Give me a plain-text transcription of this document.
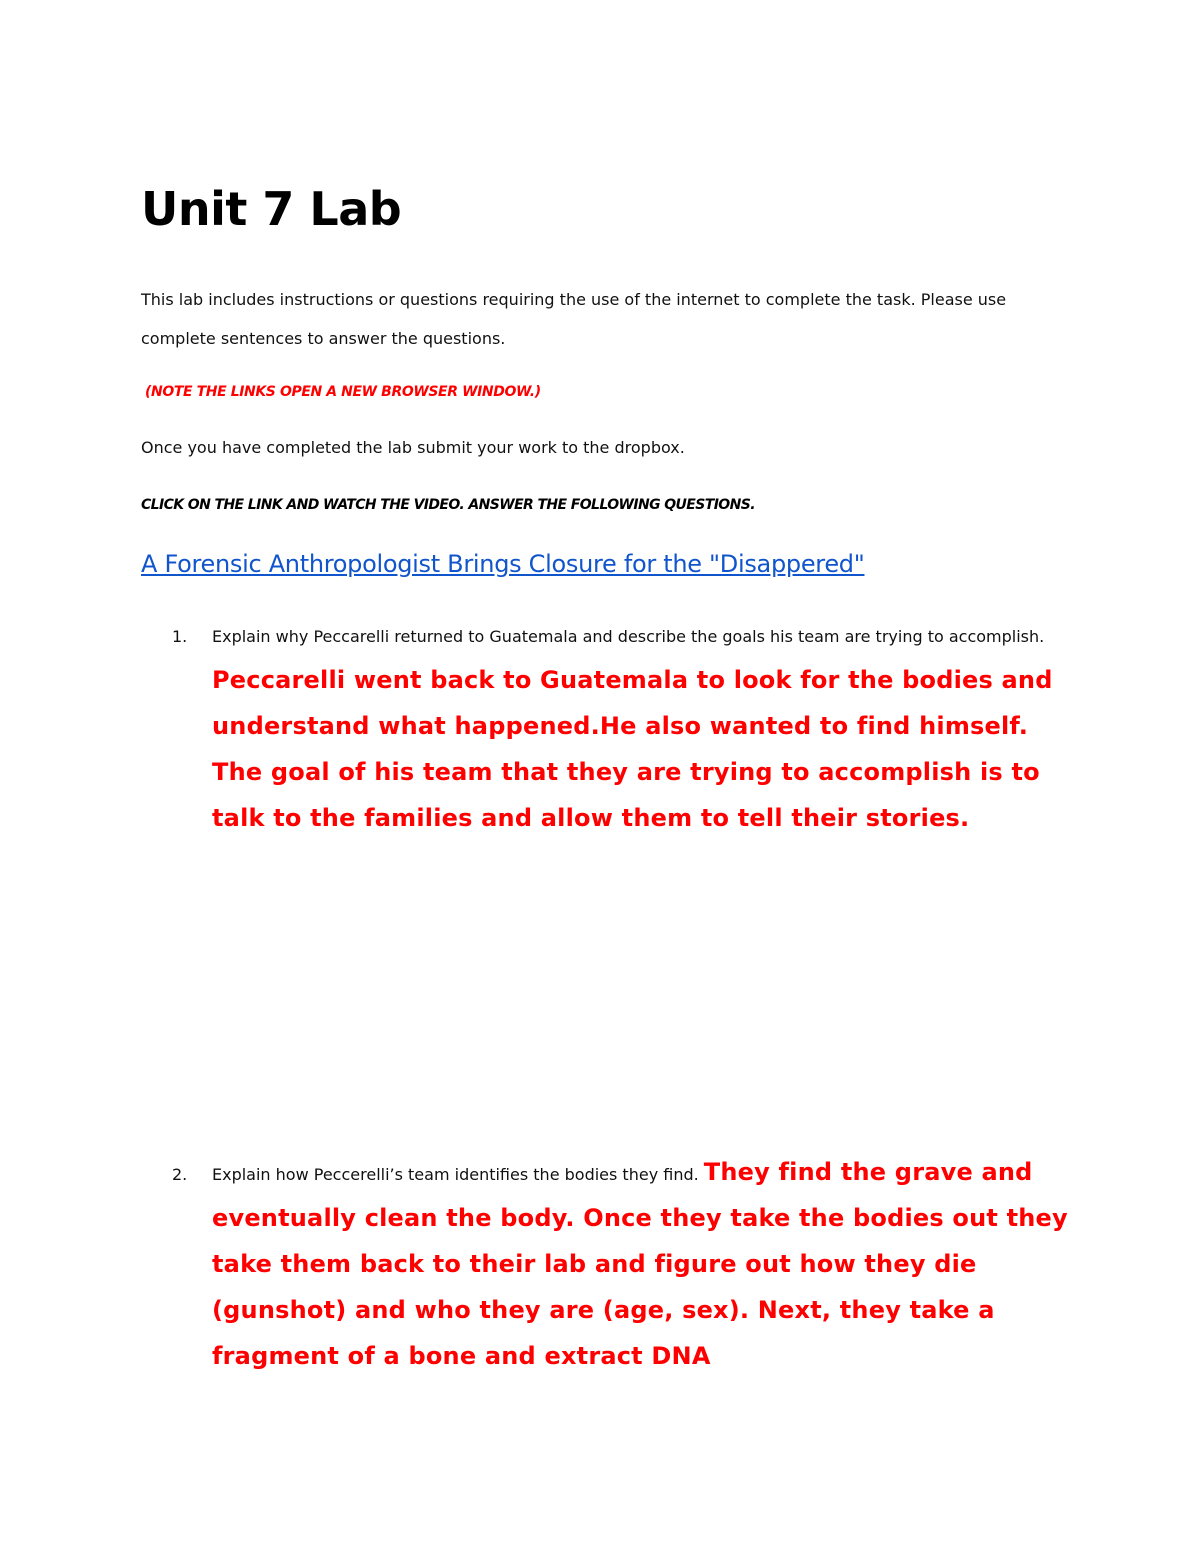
Unit 7 Lab

This lab includes instructions or questions requiring the use of the internet to complete the task. Please use complete sentences to answer the questions.

(NOTE THE LINKS OPEN A NEW BROWSER WINDOW.)

Once you have completed the lab submit your work to the dropbox.

CLICK ON THE LINK AND WATCH THE VIDEO. ANSWER THE FOLLOWING QUESTIONS.

A Forensic Anthropologist Brings Closure for the "Disappered"
1. Explain why Peccarelli returned to Guatemala and describe the goals his team are trying to accomplish. Peccarelli went back to Guatemala to look for the bodies and understand what happened.He also wanted to find himself. The goal of his team that they are trying to accomplish is to talk to the families and allow them to tell their stories.
2. Explain how Peccerelli’s team identifies the bodies they find. They find the grave and eventually clean the body. Once they take the bodies out they take them back to their lab and figure out how they die (gunshot) and who they are (age, sex). Next, they take a fragment of a bone and extract DNA
